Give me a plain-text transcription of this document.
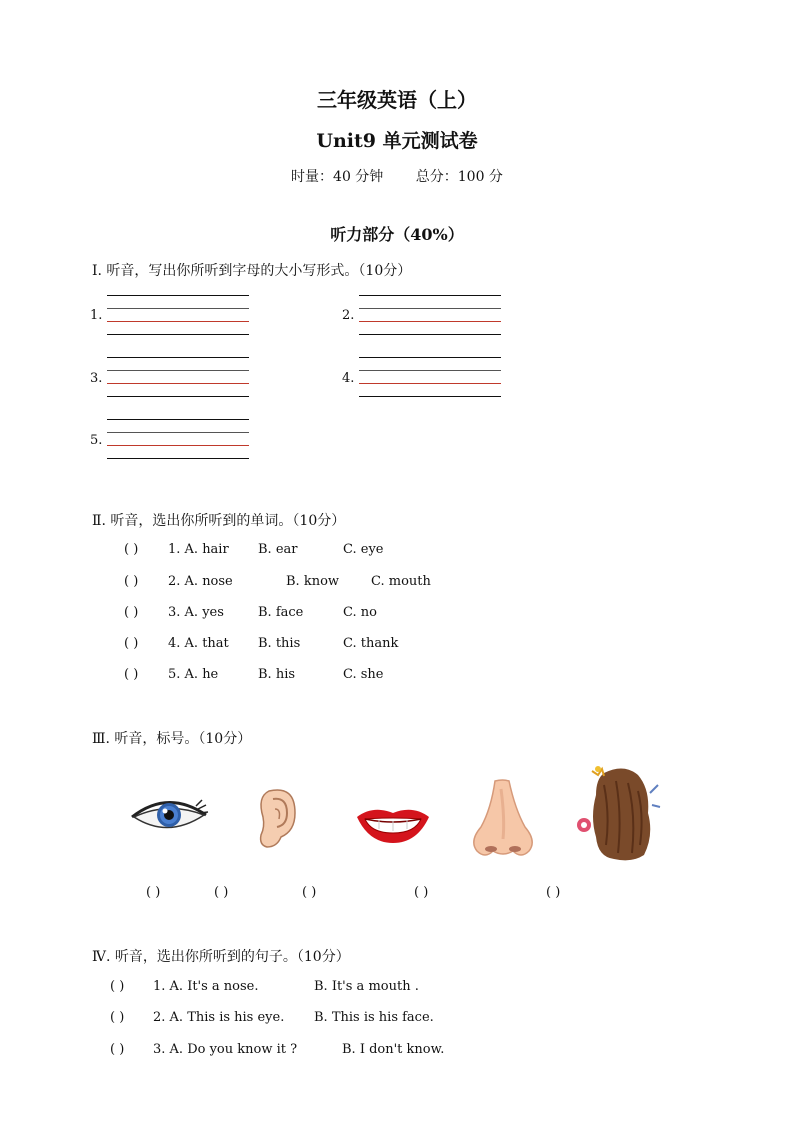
三年级英语（上）
Unit9 单元测试卷
时量：40 分钟 总分：100 分
听力部分（40%）
Ⅰ. 听音，写出你所听到字母的大小写形式。（10分）
1.	2.
3.	4.
5.
Ⅱ. 听音，选出你所听到的单词。（10分）
( ) 1. A. hair B. ear	C. eye
( ) 2. A. nose	B. know C. mouth
( ) 3. A. yes	B. face	C. no
( ) 4. A. that B. this	C. thank
( ) 5. A. he	B. his	C. she
Ⅲ. 听音，标号。（10分）
( )	( )	( )	( )	( )
Ⅳ. 听音，选出你所听到的句子。（10分）
( ) 1. A. It's a nose.	B. It's a mouth .
( ) 2. A. This is his eye. B. This is his face.
( ) 3. A. Do you know it ?	B. I don't know.
